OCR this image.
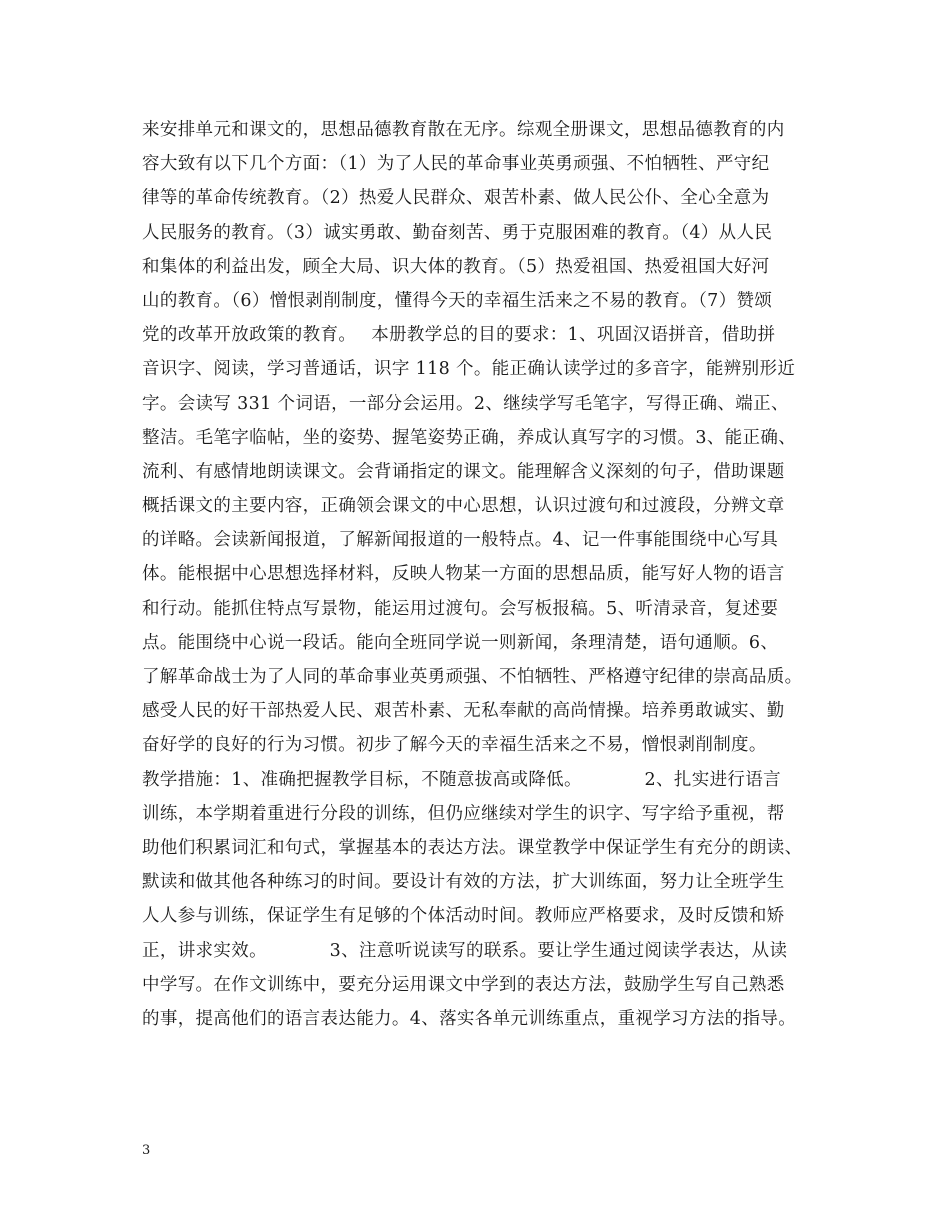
来安排单元和课文的，思想品德教育散在无序。综观全册课文，思想品德教育的内
容大致有以下几个方面：（1）为了人民的革命事业英勇顽强、不怕牺牲、严守纪
律等的革命传统教育。（2）热爱人民群众、艰苦朴素、做人民公仆、全心全意为
人民服务的教育。（3）诚实勇敢、勤奋刻苦、勇于克服困难的教育。（4）从人民
和集体的利益出发，顾全大局、识大体的教育。（5）热爱祖国、热爱祖国大好河
山的教育。（6）憎恨剥削制度，懂得今天的幸福生活来之不易的教育。（7）赞颂
党的改革开放政策的教育。　 本册教学总的目的要求：1、巩固汉语拼音，借助拼
音识字、阅读，学习普通话，识字 118 个。能正确认读学过的多音字，能辨别形近
字。会读写 331 个词语，一部分会运用。2、继续学写毛笔字，写得正确、端正、
整洁。毛笔字临帖，坐的姿势、握笔姿势正确，养成认真写字的习惯。3、能正确、
流利、有感情地朗读课文。会背诵指定的课文。能理解含义深刻的句子，借助课题
概括课文的主要内容，正确领会课文的中心思想，认识过渡句和过渡段，分辨文章
的详略。会读新闻报道，了解新闻报道的一般特点。4、记一件事能围绕中心写具
体。能根据中心思想选择材料，反映人物某一方面的思想品质，能写好人物的语言
和行动。能抓住特点写景物，能运用过渡句。会写板报稿。5、听清录音，复述要
点。能围绕中心说一段话。能向全班同学说一则新闻，条理清楚，语句通顺。6、
了解革命战士为了人同的革命事业英勇顽强、不怕牺牲、严格遵守纪律的崇高品质。
感受人民的好干部热爱人民、艰苦朴素、无私奉献的高尚情操。培养勇敢诚实、勤
奋好学的良好的行为习惯。初步了解今天的幸福生活来之不易，憎恨剥削制度。
教学措施：1、准确把握教学目标，不随意拔高或降低。　　　　2、扎实进行语言
训练，本学期着重进行分段的训练，但仍应继续对学生的识字、写字给予重视，帮
助他们积累词汇和句式，掌握基本的表达方法。课堂教学中保证学生有充分的朗读、
默读和做其他各种练习的时间。要设计有效的方法，扩大训练面，努力让全班学生
人人参与训练，保证学生有足够的个体活动时间。教师应严格要求，及时反馈和矫
正，讲求实效。　　　　3、注意听说读写的联系。要让学生通过阅读学表达，从读
中学写。在作文训练中，要充分运用课文中学到的表达方法，鼓励学生写自己熟悉
的事，提高他们的语言表达能力。4、落实各单元训练重点，重视学习方法的指导。
3
